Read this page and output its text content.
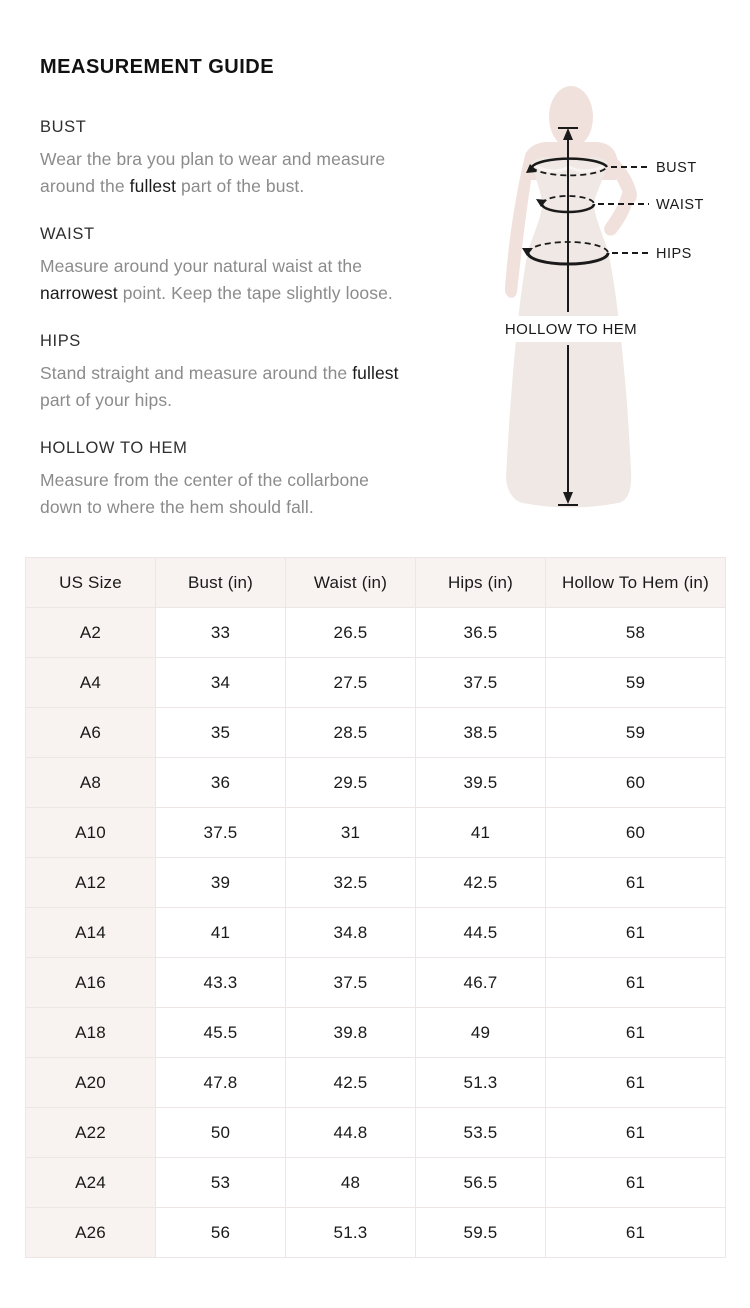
MEASUREMENT GUIDE
BUST

Wear the bra you plan to wear and measure
around the fullest part of the bust.

WAIST

Measure around your natural waist at the
narrowest point. Keep the tape slightly loose.

HIPS

Stand straight and measure around the fullest
part of your hips.

HOLLOW TO HEM

Measure from the center of the collarbone
down to where the hem should fall.

BUST
WAIST
HIPS
HOLLOW TO HEM
US Size	Bust (in)	Waist (in)	Hips (in)	Hollow To Hem (in)
A2	33	26.5	36.5	58
A4	34	27.5	37.5	59
A6	35	28.5	38.5	59
A8	36	29.5	39.5	60
A10	37.5	31	41	60
A12	39	32.5	42.5	61
A14	41	34.8	44.5	61
A16	43.3	37.5	46.7	61
A18	45.5	39.8	49	61
A20	47.8	42.5	51.3	61
A22	50	44.8	53.5	61
A24	53	48	56.5	61
A26	56	51.3	59.5	61
